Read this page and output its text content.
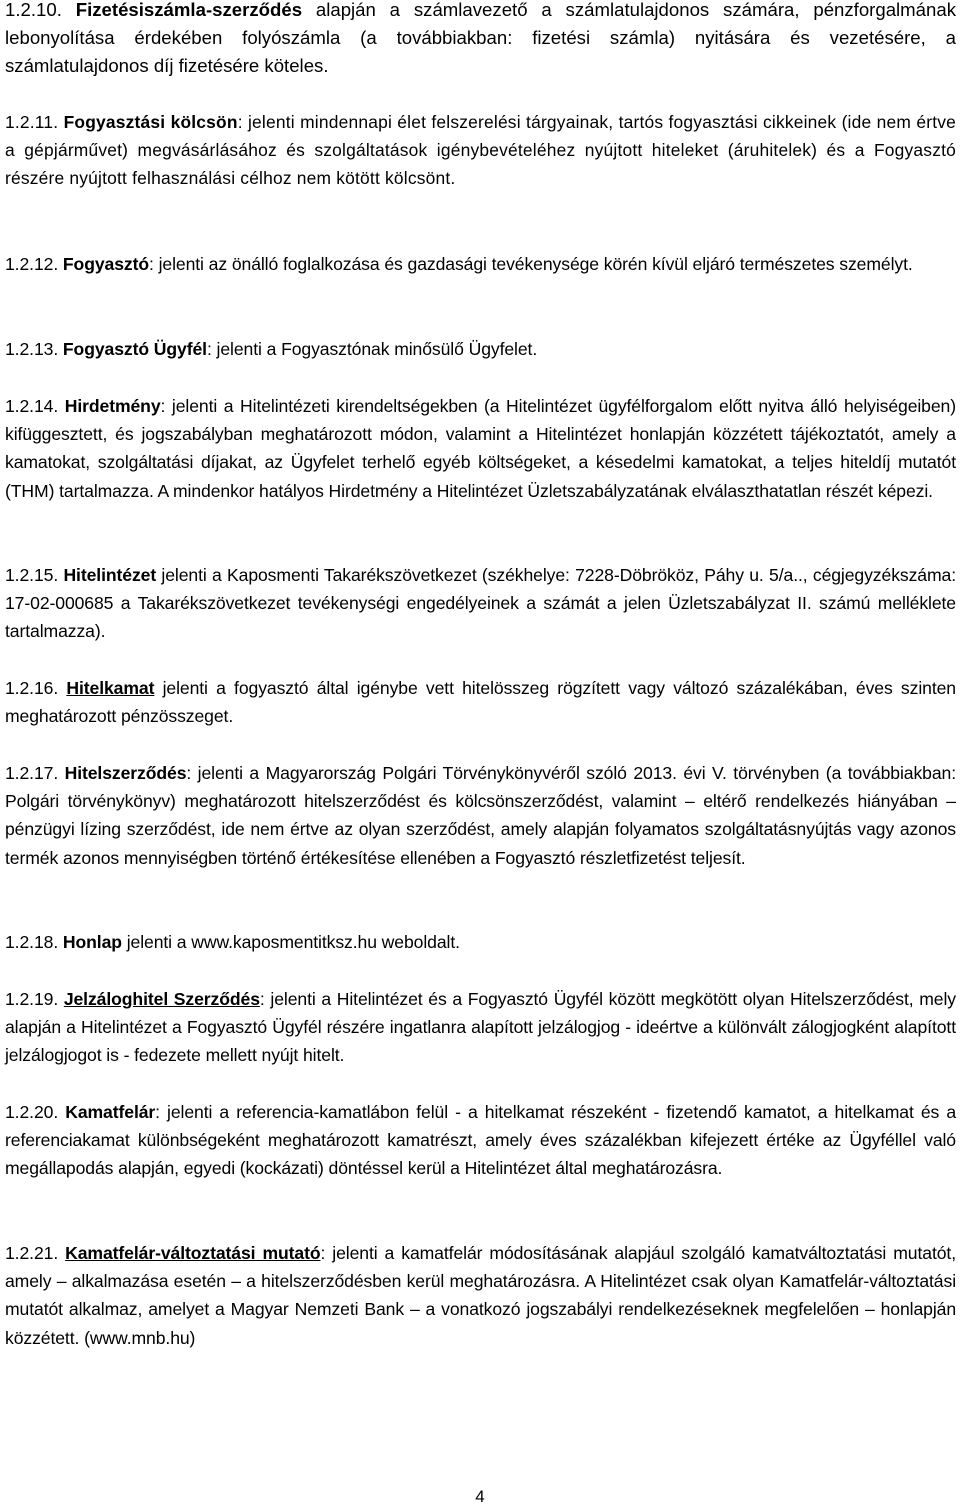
1.2.10. Fizetésiszámla-szerződés alapján a számlavezető a számlatulajdonos számára, pénzforgalmának lebonyolítása érdekében folyószámla (a továbbiakban: fizetési számla) nyitására és vezetésére, a számlatulajdonos díj fizetésére köteles.

1.2.11. Fogyasztási kölcsön: jelenti mindennapi élet felszerelési tárgyainak, tartós fogyasztási cikkeinek (ide nem értve a gépjárművet) megvásárlásához és szolgáltatások igénybevételéhez nyújtott hiteleket (áruhitelek) és a Fogyasztó részére nyújtott felhasználási célhoz nem kötött kölcsönt.

1.2.12. Fogyasztó: jelenti az önálló foglalkozása és gazdasági tevékenysége körén kívül eljáró természetes személyt.

1.2.13. Fogyasztó Ügyfél: jelenti a Fogyasztónak minősülő Ügyfelet.

1.2.14. Hirdetmény: jelenti a Hitelintézeti kirendeltségekben (a Hitelintézet ügyfélforgalom előtt nyitva álló helyiségeiben) kifüggesztett, és jogszabályban meghatározott módon, valamint a Hitelintézet honlapján közzétett tájékoztatót, amely a kamatokat, szolgáltatási díjakat, az Ügyfelet terhelő egyéb költségeket, a késedelmi kamatokat, a teljes hiteldíj mutatót (THM) tartalmazza. A mindenkor hatályos Hirdetmény a Hitelintézet Üzletszabályzatának elválaszthatatlan részét képezi.

1.2.15. Hitelintézet jelenti a Kaposmenti Takarékszövetkezet (székhelye: 7228-Döbrököz, Páhy u. 5/a.., cégjegyzékszáma: 17-02-000685 a Takarékszövetkezet tevékenységi engedélyeinek a számát a jelen Üzletszabályzat II. számú melléklete tartalmazza).

1.2.16. Hitelkamat jelenti a fogyasztó által igénybe vett hitelösszeg rögzített vagy változó százalékában, éves szinten meghatározott pénzösszeget.

1.2.17. Hitelszerződés: jelenti a Magyarország Polgári Törvénykönyvéről szóló 2013. évi V. törvényben (a továbbiakban: Polgári törvénykönyv) meghatározott hitelszerződést és kölcsönszerződést, valamint – eltérő rendelkezés hiányában – pénzügyi lízing szerződést, ide nem értve az olyan szerződést, amely alapján folyamatos szolgáltatásnyújtás vagy azonos termék azonos mennyiségben történő értékesítése ellenében a Fogyasztó részletfizetést teljesít.

1.2.18. Honlap jelenti a www.kaposmentitksz.hu weboldalt.

1.2.19. Jelzáloghitel Szerződés: jelenti a Hitelintézet és a Fogyasztó Ügyfél között megkötött olyan Hitelszerződést, mely alapján a Hitelintézet a Fogyasztó Ügyfél részére ingatlanra alapított jelzálogjog - ideértve a különvált zálogjogként alapított jelzálogjogot is - fedezete mellett nyújt hitelt.

1.2.20. Kamatfelár: jelenti a referencia-kamatlábon felül - a hitelkamat részeként - fizetendő kamatot, a hitelkamat és a referenciakamat különbségeként meghatározott kamatrészt, amely éves százalékban kifejezett értéke az Ügyféllel való megállapodás alapján, egyedi (kockázati) döntéssel kerül a Hitelintézet által meghatározásra.

1.2.21. Kamatfelár-változtatási mutató: jelenti a kamatfelár módosításának alapjául szolgáló kamatváltoztatási mutatót, amely – alkalmazása esetén – a hitelszerződésben kerül meghatározásra. A Hitelintézet csak olyan Kamatfelár-változtatási mutatót alkalmaz, amelyet a Magyar Nemzeti Bank – a vonatkozó jogszabályi rendelkezéseknek megfelelően – honlapján közzétett. (www.mnb.hu)

4
